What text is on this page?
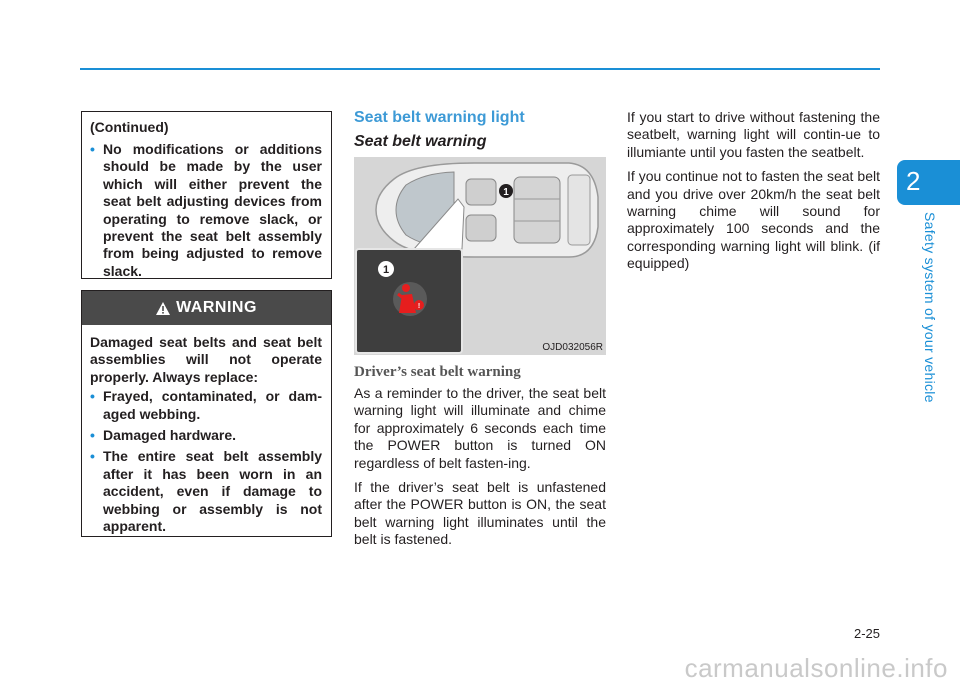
2
Safety system of your vehicle
(Continued)
• No modifications or additions should be made by the user which will either prevent the seat belt adjusting devices from operating to remove slack, or prevent the seat belt assembly from being adjusted to remove slack.
WARNING

Damaged seat belts and seat belt assemblies will not operate properly. Always replace:

• Frayed, contaminated, or dam-aged webbing.
• Damaged hardware.
• The entire seat belt assembly after it has been worn in an accident, even if damage to webbing or assembly is not apparent.
Seat belt warning light
Seat belt warning
1
1
!
OJD032056R
Driver’s seat belt warning

As a reminder to the driver, the seat belt warning light will illuminate and chime for approximately 6 seconds each time the POWER button is turned ON regardless of belt fasten-ing.

If the driver’s seat belt is unfastened after the POWER button is ON, the seat belt warning light illuminates until the belt is fastened.

If you start to drive without fastening the seatbelt, warning light will contin-ue to illumiante until you fasten the seatbelt.

If you continue not to fasten the seat belt and you drive over 20km/h the seat belt warning chime will sound for approximately 100 seconds and the corresponding warning light will blink. (if equipped)

2-25
carmanualsonline.info
